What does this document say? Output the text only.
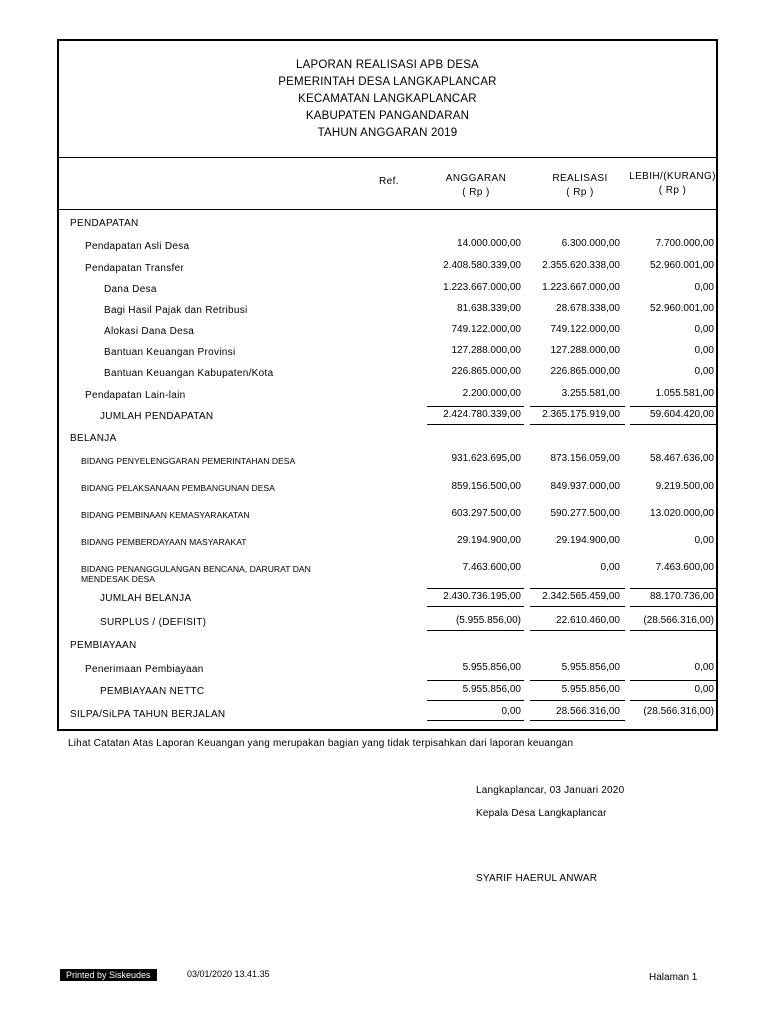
LAPORAN REALISASI APB DESA
PEMERINTAH DESA LANGKAPLANCAR
KECAMATAN LANGKAPLANCAR
KABUPATEN PANGANDARAN
TAHUN ANGGARAN 2019
Ref.	ANGGARAN
( Rp )
REALISASI
( Rp )
LEBIH/(KURANG)
( Rp )
PENDAPATAN
Pendapatan Asli Desa	14.000.000,00	6.300.000,00	7.700.000,00
Pendapatan Transfer	2.408.580.339,00	2.355.620.338,00	52.960.001,00
Dana Desa	1.223.667.000,00	1.223.667.000,00	0,00
Bagi Hasil Pajak dan Retribusi	81.638.339,00	28.678.338,00	52.960.001,00
Alokasi Dana Desa	749.122.000,00	749.122.000,00	0,00
Bantuan Keuangan Provinsi	127.288.000,00	127.288.000,00	0,00
Bantuan Keuangan Kabupaten/Kota	226.865.000,00	226.865.000,00	0,00
Pendapatan Lain-lain	2.200.000,00	3.255.581,00	1.055.581,00
JUMLAH PENDAPATAN	2.424.780.339,00	2.365.175.919,00	59.604.420,00
BELANJA
BIDANG PENYELENGGARAN PEMERINTAHAN DESA	931.623.695,00	873.156.059,00	58.467.636,00
BIDANG PELAKSANAAN PEMBANGUNAN DESA	859.156.500,00	849.937.000,00	9.219.500,00
BIDANG PEMBINAAN KEMASYARAKATAN	603.297.500,00	590.277.500,00	13.020.000,00
BIDANG PEMBERDAYAAN MASYARAKAT	29.194.900,00	29.194.900,00	0,00
BIDANG PENANGGULANGAN BENCANA, DARURAT DAN
MENDESAK DESA
7.463.600,00	0,00	7.463.600,00
JUMLAH BELANJA	2.430.736.195,00	2.342.565.459,00	88.170.736,00
SURPLUS / (DEFISIT)	(5.955.856,00)	22.610.460,00	(28.566.316,00)
PEMBIAYAAN
Penerimaan Pembiayaan	5.955.856,00	5.955.856,00	0,00
PEMBIAYAAN NETTC	5.955.856,00	5.955.856,00	0,00
SILPA/SiLPA TAHUN BERJALAN	0,00	28.566.316,00	(28.566.316,00)
Lihat Catatan Atas Laporan Keuangan yang merupakan bagian yang tidak terpisahkan dari laporan keuangan
Langkaplancar, 03 Januari 2020
Kepala Desa Langkaplancar
SYARIF HAERUL ANWAR
Printed by Siskeudes	03/01/2020 13.41.35	Halaman 1
